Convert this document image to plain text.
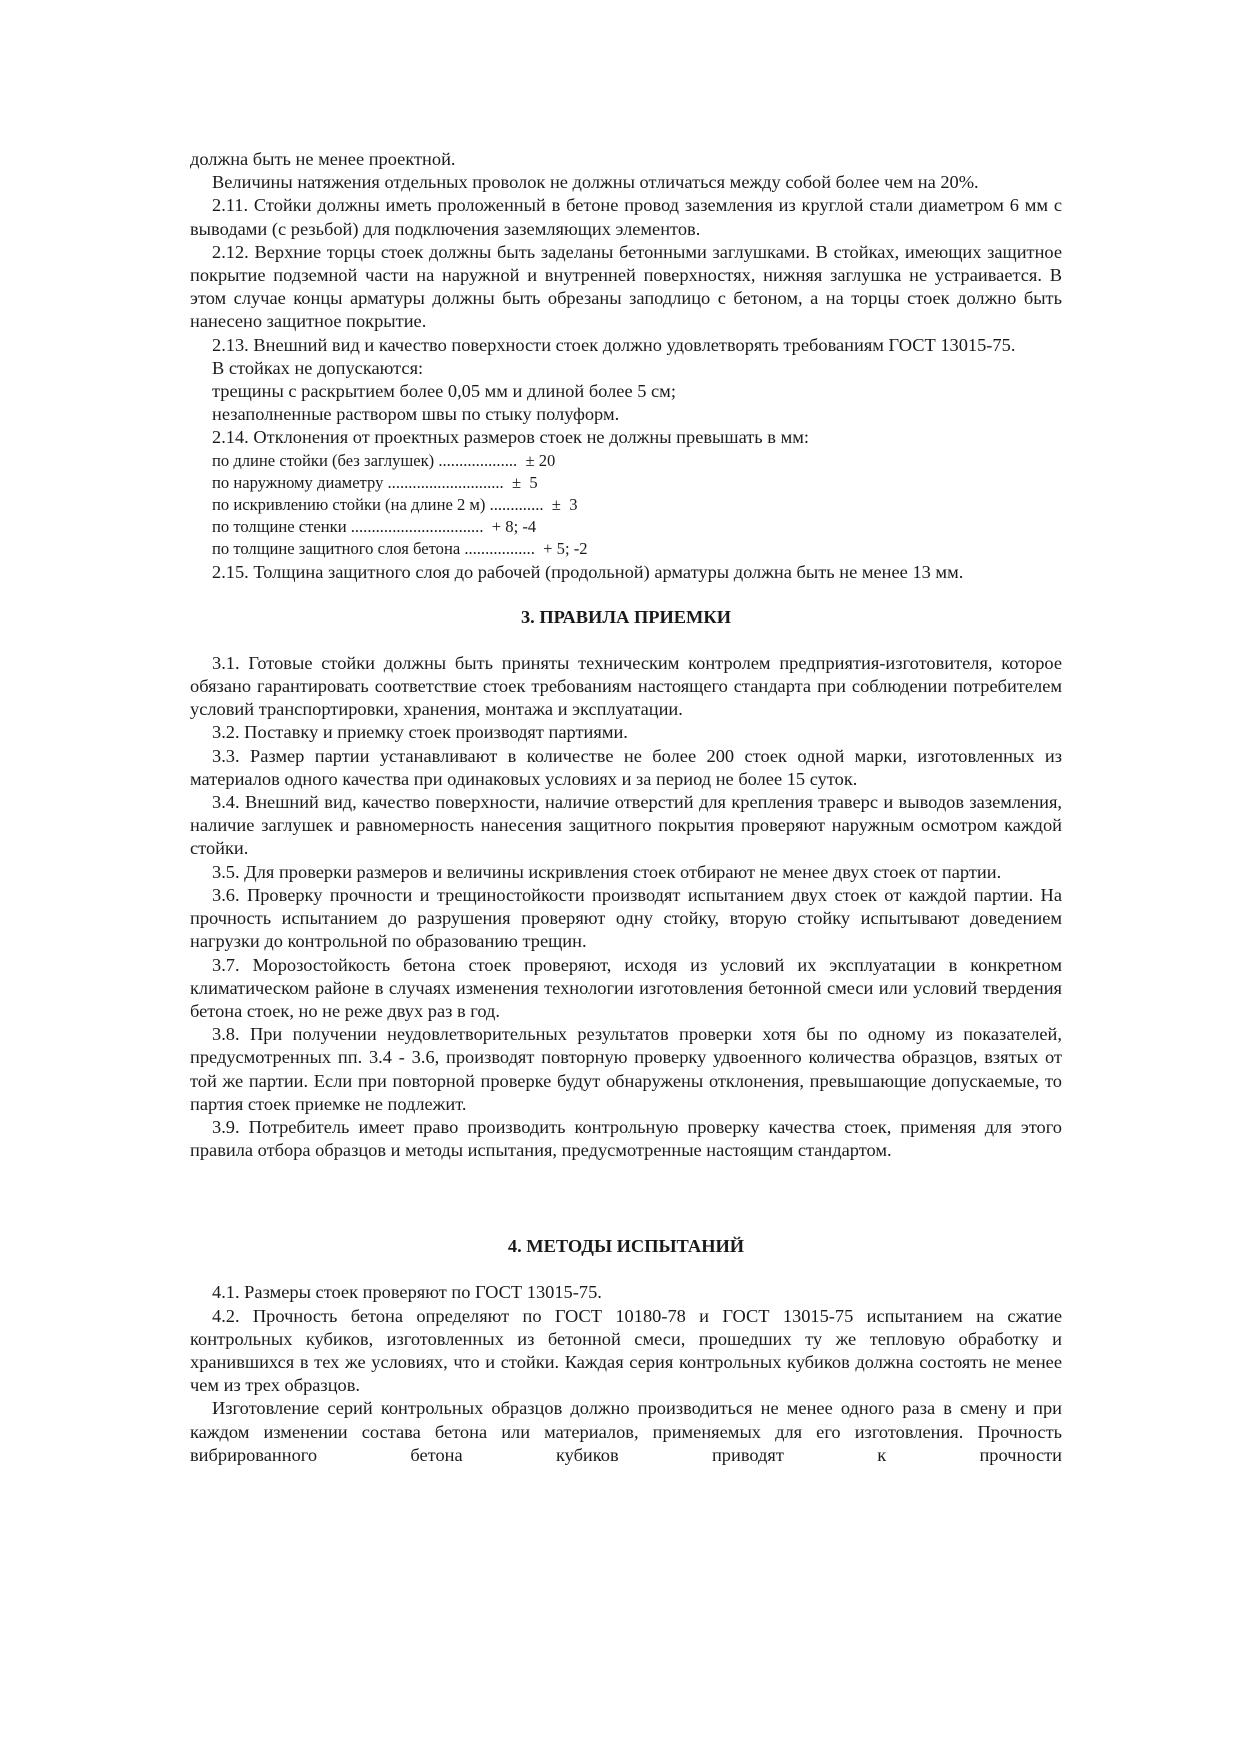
должна быть не менее проектной.

Величины натяжения отдельных проволок не должны отличаться между собой более чем на 20%.

2.11. Стойки должны иметь проложенный в бетоне провод заземления из круглой стали диаметром 6 мм с выводами (с резьбой) для подключения заземляющих элементов.

2.12. Верхние торцы стоек должны быть заделаны бетонными заглушками. В стойках, имеющих защитное покрытие подземной части на наружной и внутренней поверхностях, нижняя заглушка не устраивается. В этом случае концы арматуры должны быть обрезаны заподлицо с бетоном, а на торцы стоек должно быть нанесено защитное покрытие.

2.13. Внешний вид и качество поверхности стоек должно удовлетворять требованиям ГОСТ 13015-75.

В стойках не допускаются:

трещины с раскрытием более 0,05 мм и длиной более 5 см;

незаполненные раствором швы по стыку полуформ.

2.14. Отклонения от проектных размеров стоек не должны превышать в мм:

по длине стойки (без заглушек) ...................  ± 20

по наружному диаметру ............................  ±  5

по искривлению стойки (на длине 2 м) .............  ±  3

по толщине стенки ................................  + 8; -4

по толщине защитного слоя бетона .................  + 5; -2

2.15. Толщина защитного слоя до рабочей (продольной) арматуры должна быть не менее 13 мм.

3. ПРАВИЛА ПРИЕМКИ

3.1. Готовые стойки должны быть приняты техническим контролем предприятия-изготовителя, которое обязано гарантировать соответствие стоек требованиям настоящего стандарта при соблюдении потребителем условий транспортировки, хранения, монтажа и эксплуатации.

3.2. Поставку и приемку стоек производят партиями.

3.3. Размер партии устанавливают в количестве не более 200 стоек одной марки, изготовленных из материалов одного качества при одинаковых условиях и за период не более 15 суток.

3.4. Внешний вид, качество поверхности, наличие отверстий для крепления траверс и выводов заземления, наличие заглушек и равномерность нанесения защитного покрытия проверяют наружным осмотром каждой стойки.

3.5. Для проверки размеров и величины искривления стоек отбирают не менее двух стоек от партии.

3.6. Проверку прочности и трещиностойкости производят испытанием двух стоек от каждой партии. На прочность испытанием до разрушения проверяют одну стойку, вторую стойку испытывают доведением нагрузки до контрольной по образованию трещин.

3.7. Морозостойкость бетона стоек проверяют, исходя из условий их эксплуатации в конкретном климатическом районе в случаях изменения технологии изготовления бетонной смеси или условий твердения бетона стоек, но не реже двух раз в год.

3.8. При получении неудовлетворительных результатов проверки хотя бы по одному из показателей, предусмотренных пп. 3.4 - 3.6, производят повторную проверку удвоенного количества образцов, взятых от той же партии. Если при повторной проверке будут обнаружены отклонения, превышающие допускаемые, то партия стоек приемке не подлежит.

3.9. Потребитель имеет право производить контрольную проверку качества стоек, применяя для этого правила отбора образцов и методы испытания, предусмотренные настоящим стандартом.

4. МЕТОДЫ ИСПЫТАНИЙ

4.1. Размеры стоек проверяют по ГОСТ 13015-75.

4.2. Прочность бетона определяют по ГОСТ 10180-78 и ГОСТ 13015-75 испытанием на сжатие контрольных кубиков, изготовленных из бетонной смеси, прошедших ту же тепловую обработку и хранившихся в тех же условиях, что и стойки. Каждая серия контрольных кубиков должна состоять не менее чем из трех образцов.

Изготовление серий контрольных образцов должно производиться не менее одного раза в смену и при каждом изменении состава бетона или материалов, применяемых для его изготовления. Прочность вибрированного бетона кубиков приводят к прочности
